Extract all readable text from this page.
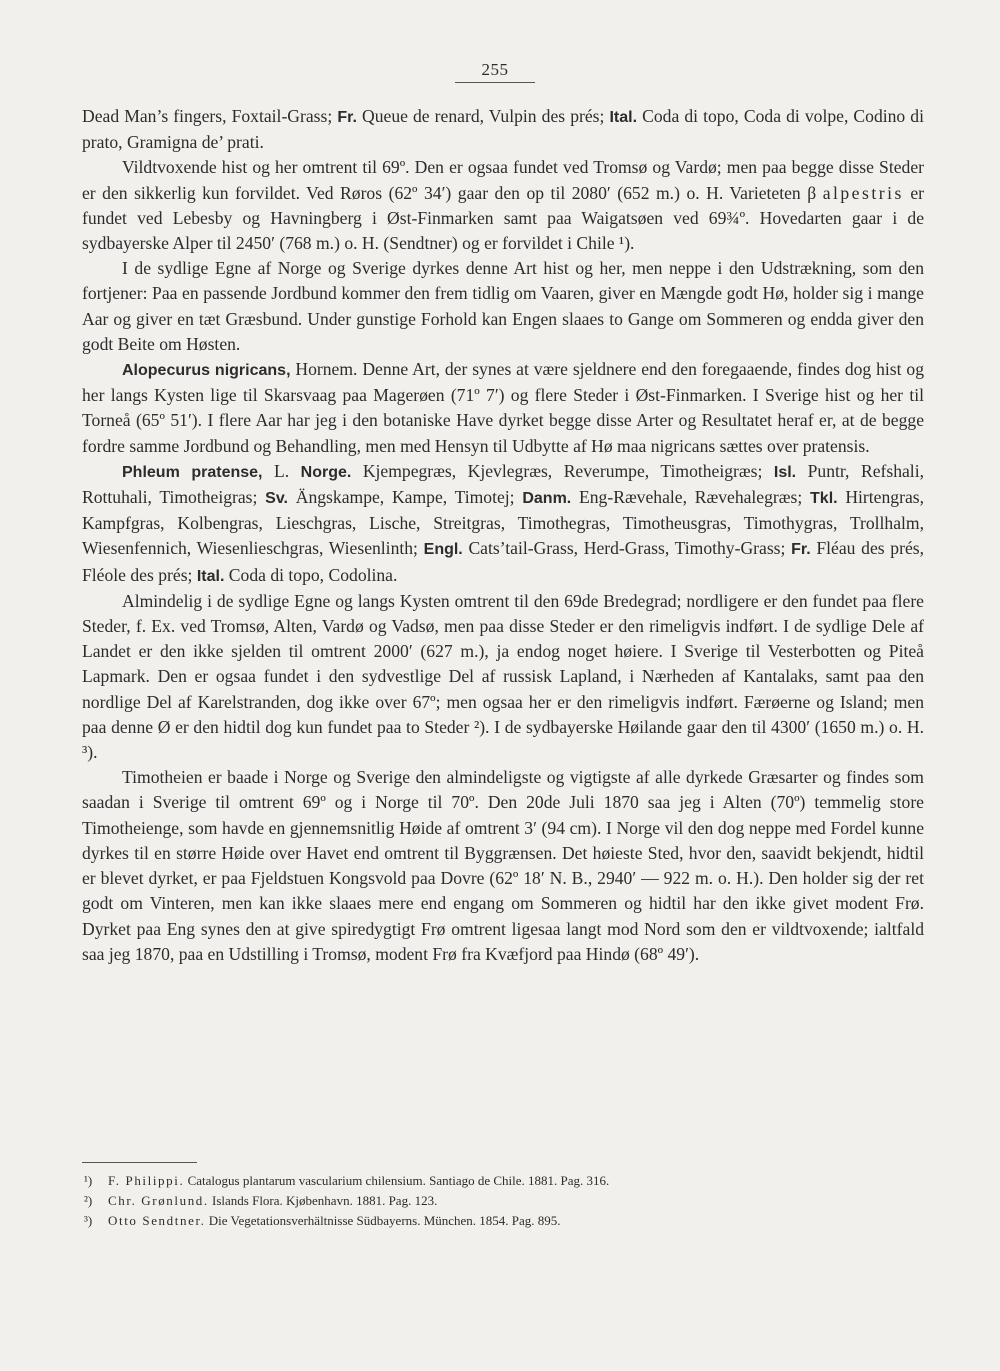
255

Dead Man’s fingers, Foxtail-Grass; Fr. Queue de renard, Vulpin des prés; Ital. Coda di topo, Coda di volpe, Codino di prato, Gramigna de’ prati.

Vildtvoxende hist og her omtrent til 69º. Den er ogsaa fundet ved Tromsø og Vardø; men paa begge disse Steder er den sikkerlig kun forvildet. Ved Røros (62º 34′) gaar den op til 2080′ (652 m.) o. H. Varieteten β alpestris er fundet ved Lebesby og Havningberg i Øst-Finmarken samt paa Waigatsøen ved 69¾º. Hovedarten gaar i de sydbayerske Alper til 2450′ (768 m.) o. H. (Sendtner) og er forvildet i Chile ¹).

I de sydlige Egne af Norge og Sverige dyrkes denne Art hist og her, men neppe i den Udstrækning, som den fortjener: Paa en passende Jordbund kommer den frem tidlig om Vaaren, giver en Mængde godt Hø, holder sig i mange Aar og giver en tæt Græsbund. Under gunstige Forhold kan Engen slaaes to Gange om Sommeren og endda giver den godt Beite om Høsten.

Alopecurus nigricans, Hornem. Denne Art, der synes at være sjeldnere end den foregaaende, findes dog hist og her langs Kysten lige til Skarsvaag paa Magerøen (71º 7′) og flere Steder i Øst-Finmarken. I Sverige hist og her til Torneå (65º 51′). I flere Aar har jeg i den botaniske Have dyrket begge disse Arter og Resultatet heraf er, at de begge fordre samme Jordbund og Behandling, men med Hensyn til Udbytte af Hø maa nigricans sættes over pratensis.

Phleum pratense, L. Norge. Kjempegræs, Kjevlegræs, Reverumpe, Timotheigræs; Isl. Puntr, Refshali, Rottuhali, Timotheigras; Sv. Ängskampe, Kampe, Timotej; Danm. Eng-Rævehale, Rævehalegræs; Tkl. Hirtengras, Kampfgras, Kolbengras, Lieschgras, Lische, Streitgras, Timothegras, Timotheusgras, Timothygras, Trollhalm, Wiesenfennich, Wiesenlieschgras, Wiesenlinth; Engl. Cats’tail-Grass, Herd-Grass, Timothy-Grass; Fr. Fléau des prés, Fléole des prés; Ital. Coda di topo, Codolina.

Almindelig i de sydlige Egne og langs Kysten omtrent til den 69de Bredegrad; nordligere er den fundet paa flere Steder, f. Ex. ved Tromsø, Alten, Vardø og Vadsø, men paa disse Steder er den rimeligvis indført. I de sydlige Dele af Landet er den ikke sjelden til omtrent 2000′ (627 m.), ja endog noget høiere. I Sverige til Vesterbotten og Piteå Lapmark. Den er ogsaa fundet i den sydvestlige Del af russisk Lapland, i Nærheden af Kantalaks, samt paa den nordlige Del af Karelstranden, dog ikke over 67º; men ogsaa her er den rimeligvis indført. Færøerne og Island; men paa denne Ø er den hidtil dog kun fundet paa to Steder ²). I de sydbayerske Høilande gaar den til 4300′ (1650 m.) o. H. ³).

Timotheien er baade i Norge og Sverige den almindeligste og vigtigste af alle dyrkede Græsarter og findes som saadan i Sverige til omtrent 69º og i Norge til 70º. Den 20de Juli 1870 saa jeg i Alten (70º) temmelig store Timotheienge, som havde en gjennemsnitlig Høide af omtrent 3′ (94 cm). I Norge vil den dog neppe med Fordel kunne dyrkes til en større Høide over Havet end omtrent til Byggrænsen. Det høieste Sted, hvor den, saavidt bekjendt, hidtil er blevet dyrket, er paa Fjeldstuen Kongsvold paa Dovre (62º 18′ N. B., 2940′ — 922 m. o. H.). Den holder sig der ret godt om Vinteren, men kan ikke slaaes mere end engang om Sommeren og hidtil har den ikke givet modent Frø. Dyrket paa Eng synes den at give spiredygtigt Frø omtrent ligesaa langt mod Nord som den er vildtvoxende; ialtfald saa jeg 1870, paa en Udstilling i Tromsø, modent Frø fra Kvæfjord paa Hindø (68º 49′).

¹) F. Philippi. Catalogus plantarum vascularium chilensium. Santiago de Chile. 1881. Pag. 316.
²) Chr. Grønlund. Islands Flora. Kjøbenhavn. 1881. Pag. 123.
³) Otto Sendtner. Die Vegetationsverhältnisse Südbayerns. München. 1854. Pag. 895.
